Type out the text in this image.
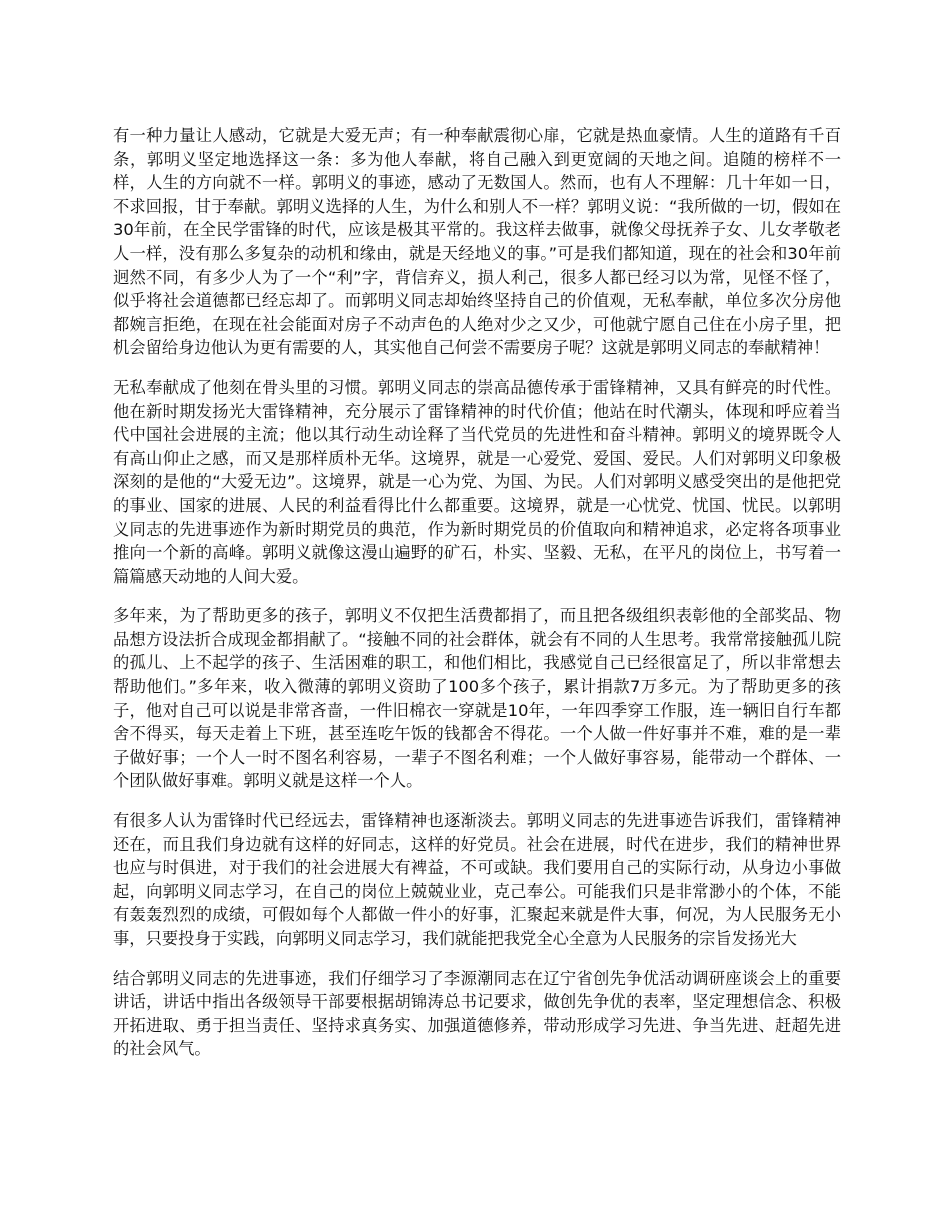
有一种力量让人感动，它就是大爱无声；有一种奉献震彻心扉，它就是热血豪情。人生的道路有千百条，郭明义坚定地选择这一条：多为他人奉献，将自己融入到更宽阔的天地之间。追随的榜样不一样，人生的方向就不一样。郭明义的事迹，感动了无数国人。然而，也有人不理解：几十年如一日，不求回报，甘于奉献。郭明义选择的人生，为什么和别人不一样？郭明义说：“我所做的一切，假如在30年前，在全民学雷锋的时代，应该是极其平常的。我这样去做事，就像父母抚养子女、儿女孝敬老人一样，没有那么多复杂的动机和缘由，就是天经地义的事。”可是我们都知道，现在的社会和30年前迥然不同，有多少人为了一个“利”字，背信弃义，损人利己，很多人都已经习以为常，见怪不怪了，似乎将社会道德都已经忘却了。而郭明义同志却始终坚持自己的价值观，无私奉献，单位多次分房他都婉言拒绝，在现在社会能面对房子不动声色的人绝对少之又少，可他就宁愿自己住在小房子里，把机会留给身边他认为更有需要的人，其实他自己何尝不需要房子呢？这就是郭明义同志的奉献精神！

无私奉献成了他刻在骨头里的习惯。郭明义同志的崇高品德传承于雷锋精神，又具有鲜亮的时代性。他在新时期发扬光大雷锋精神，充分展示了雷锋精神的时代价值；他站在时代潮头，体现和呼应着当代中国社会进展的主流；他以其行动生动诠释了当代党员的先进性和奋斗精神。郭明义的境界既令人有高山仰止之感，而又是那样质朴无华。这境界，就是一心爱党、爱国、爱民。人们对郭明义印象极深刻的是他的“大爱无边”。这境界，就是一心为党、为国、为民。人们对郭明义感受突出的是他把党的事业、国家的进展、人民的利益看得比什么都重要。这境界，就是一心忧党、忧国、忧民。以郭明义同志的先进事迹作为新时期党员的典范，作为新时期党员的价值取向和精神追求，必定将各项事业推向一个新的高峰。郭明义就像这漫山遍野的矿石，朴实、坚毅、无私，在平凡的岗位上，书写着一篇篇感天动地的人间大爱。

多年来，为了帮助更多的孩子，郭明义不仅把生活费都捐了，而且把各级组织表彰他的全部奖品、物品想方设法折合成现金都捐献了。“接触不同的社会群体，就会有不同的人生思考。我常常接触孤儿院的孤儿、上不起学的孩子、生活困难的职工，和他们相比，我感觉自己已经很富足了，所以非常想去帮助他们。”多年来，收入微薄的郭明义资助了100多个孩子，累计捐款7万多元。为了帮助更多的孩子，他对自己可以说是非常吝啬，一件旧棉衣一穿就是10年，一年四季穿工作服，连一辆旧自行车都舍不得买，每天走着上下班，甚至连吃午饭的钱都舍不得花。一个人做一件好事并不难，难的是一辈子做好事；一个人一时不图名利容易，一辈子不图名利难；一个人做好事容易，能带动一个群体、一个团队做好事难。郭明义就是这样一个人。

有很多人认为雷锋时代已经远去，雷锋精神也逐渐淡去。郭明义同志的先进事迹告诉我们，雷锋精神还在，而且我们身边就有这样的好同志，这样的好党员。社会在进展，时代在进步，我们的精神世界也应与时俱进，对于我们的社会进展大有裨益，不可或缺。我们要用自己的实际行动，从身边小事做起，向郭明义同志学习，在自己的岗位上兢兢业业，克己奉公。可能我们只是非常渺小的个体，不能有轰轰烈烈的成绩，可假如每个人都做一件小的好事，汇聚起来就是件大事，何况，为人民服务无小事，只要投身于实践，向郭明义同志学习，我们就能把我党全心全意为人民服务的宗旨发扬光大

结合郭明义同志的先进事迹，我们仔细学习了李源潮同志在辽宁省创先争优活动调研座谈会上的重要讲话，讲话中指出各级领导干部要根据胡锦涛总书记要求，做创先争优的表率，坚定理想信念、积极开拓进取、勇于担当责任、坚持求真务实、加强道德修养，带动形成学习先进、争当先进、赶超先进的社会风气。
